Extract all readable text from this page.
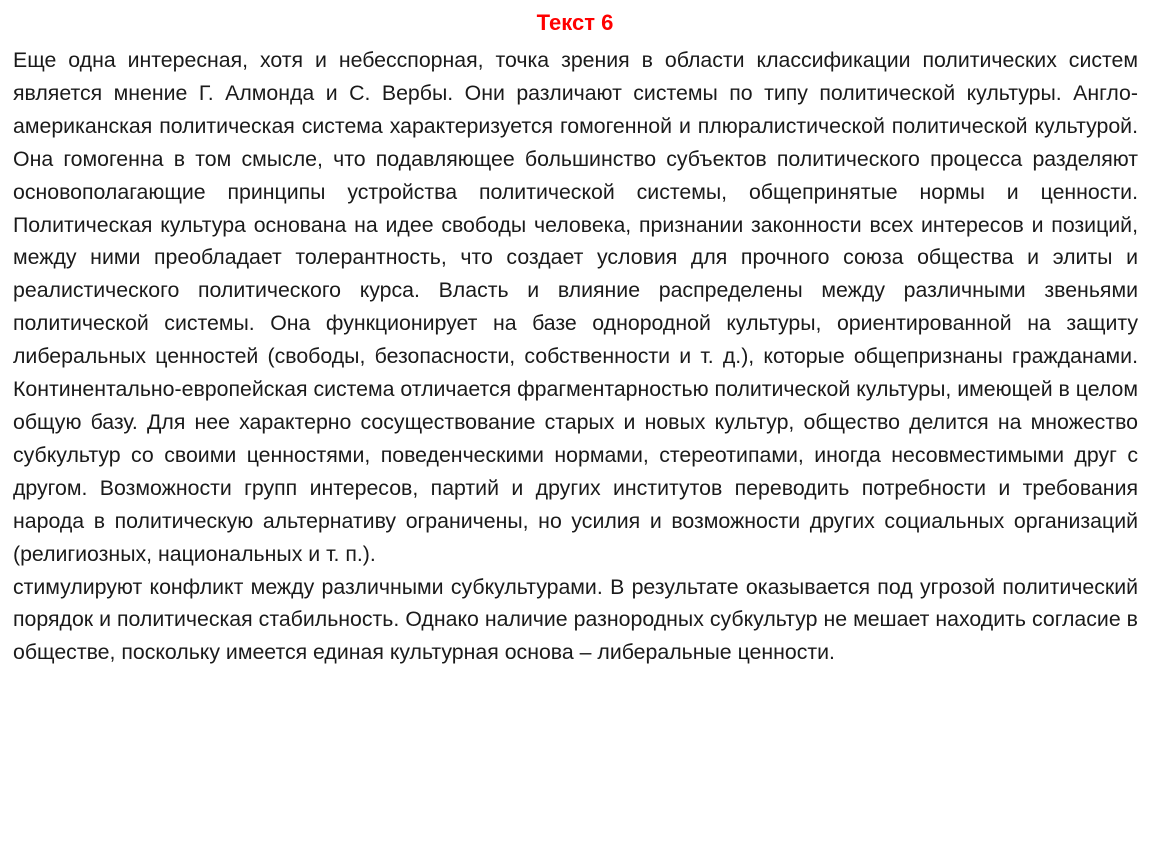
Текст 6

Еще одна интересная, хотя и небесспорная, точка зрения в области классификации политических систем является мнение Г. Алмонда и С. Вербы. Они различают системы по типу политической культуры. Англо-американская политическая система характеризуется гомогенной и плюралистической политической культурой. Она гомогенна в том смысле, что подавляющее большинство субъектов политического процесса разделяют основополагающие принципы устройства политической системы, общепринятые нормы и ценности. Политическая культура основана на идее свободы человека, признании законности всех интересов и позиций, между ними преобладает толерантность, что создает условия для прочного союза общества и элиты и реалистического политического курса. Власть и влияние распределены между различными звеньями политической системы. Она функционирует на базе однородной культуры, ориентированной на защиту либеральных ценностей (свободы, безопасности, собственности и т. д.), которые общепризнаны гражданами. Континентально-европейская система отличается фрагментарностью политической культуры, имеющей в целом общую базу. Для нее характерно сосуществование старых и новых культур, общество делится на множество субкультур со своими ценностями, поведенческими нормами, стереотипами, иногда несовместимыми друг с другом. Возможности групп интересов, партий и других институтов переводить потребности и требования народа в политическую альтернативу ограничены, но усилия и возможности других социальных организаций (религиозных, национальных и т. п.).

стимулируют конфликт между различными субкультурами. В результате оказывается под угрозой политический порядок и политическая стабильность. Однако наличие разнородных субкультур не мешает находить согласие в обществе, поскольку имеется единая культурная основа – либеральные ценности.
